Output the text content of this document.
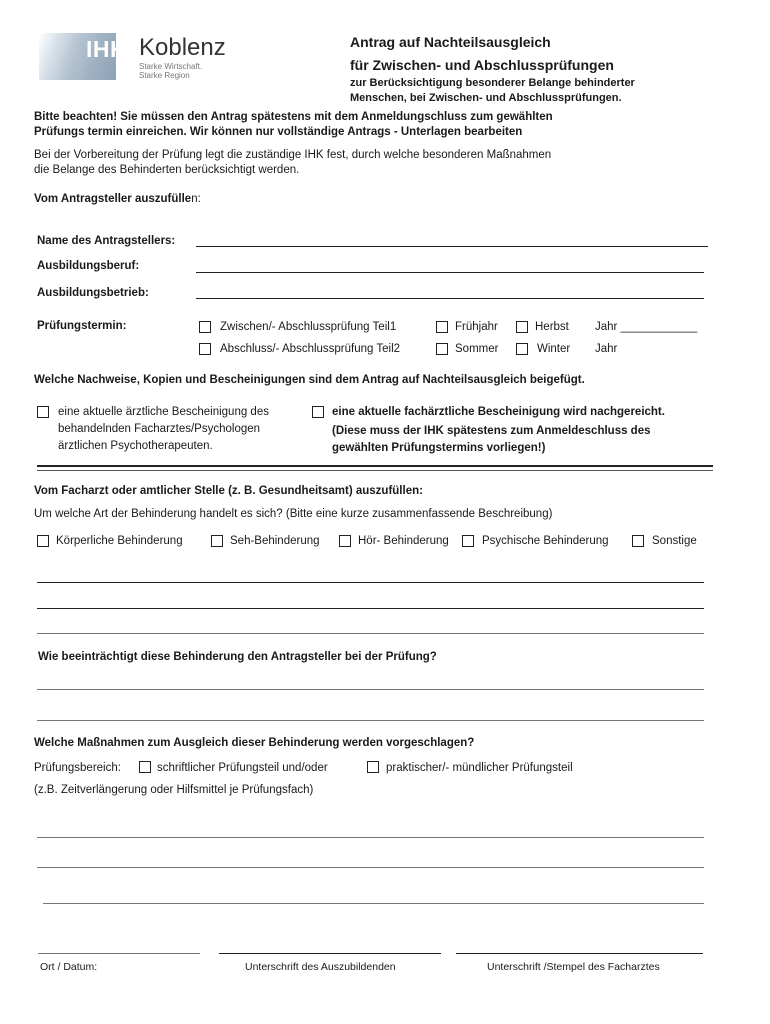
IHK Koblenz
Starke Wirtschaft.
Starke Region
Antrag auf Nachteilsausgleich
für Zwischen- und Abschlussprüfungen
zur Berücksichtigung besonderer Belange behinderter
Menschen, bei Zwischen- und Abschlussprüfungen.
Bitte beachten! Sie müssen den Antrag spätestens mit dem Anmeldungschluss zum gewählten
Prüfungs termin einreichen. Wir können nur vollständige Antrags - Unterlagen bearbeiten
Bei der Vorbereitung der Prüfung legt die zuständige IHK fest, durch welche besonderen Maßnahmen
die Belange des Behinderten berücksichtigt werden.
Vom Antragsteller auszufüllen:
Name des Antragstellers:
Ausbildungsberuf:
Ausbildungsbetrieb:
Prüfungstermin:	Zwischen/- Abschlussprüfung Teil1	Frühjahr	Herbst Jahr ____________
Abschluss/- Abschlussprüfung Teil2	Sommer	Winter Jahr
Welche Nachweise, Kopien und Bescheinigungen sind dem Antrag auf Nachteilsausgleich beigefügt.
eine aktuelle ärztliche Bescheinigung des
behandelnden Facharztes/Psychologen
ärztlichen Psychotherapeuten.
eine aktuelle fachärztliche Bescheinigung wird nachgereicht.
(Diese muss der IHK spätestens zum Anmeldeschluss des
gewählten Prüfungstermins vorliegen!)
Vom Facharzt oder amtlicher Stelle (z. B. Gesundheitsamt) auszufüllen:
Um welche Art der Behinderung handelt es sich? (Bitte eine kurze zusammenfassende Beschreibung)
Körperliche Behinderung	Seh-Behinderung	Hör- Behinderung	Psychische Behinderung	Sonstige
Wie beeinträchtigt diese Behinderung den Antragsteller bei der Prüfung?
Welche Maßnahmen zum Ausgleich dieser Behinderung werden vorgeschlagen?
Prüfungsbereich:	schriftlicher Prüfungsteil und/oder	praktischer/- mündlicher Prüfungsteil
(z.B. Zeitverlängerung oder Hilfsmittel je Prüfungsfach)
Ort / Datum:	Unterschrift des Auszubildenden	Unterschrift /Stempel des Facharztes
